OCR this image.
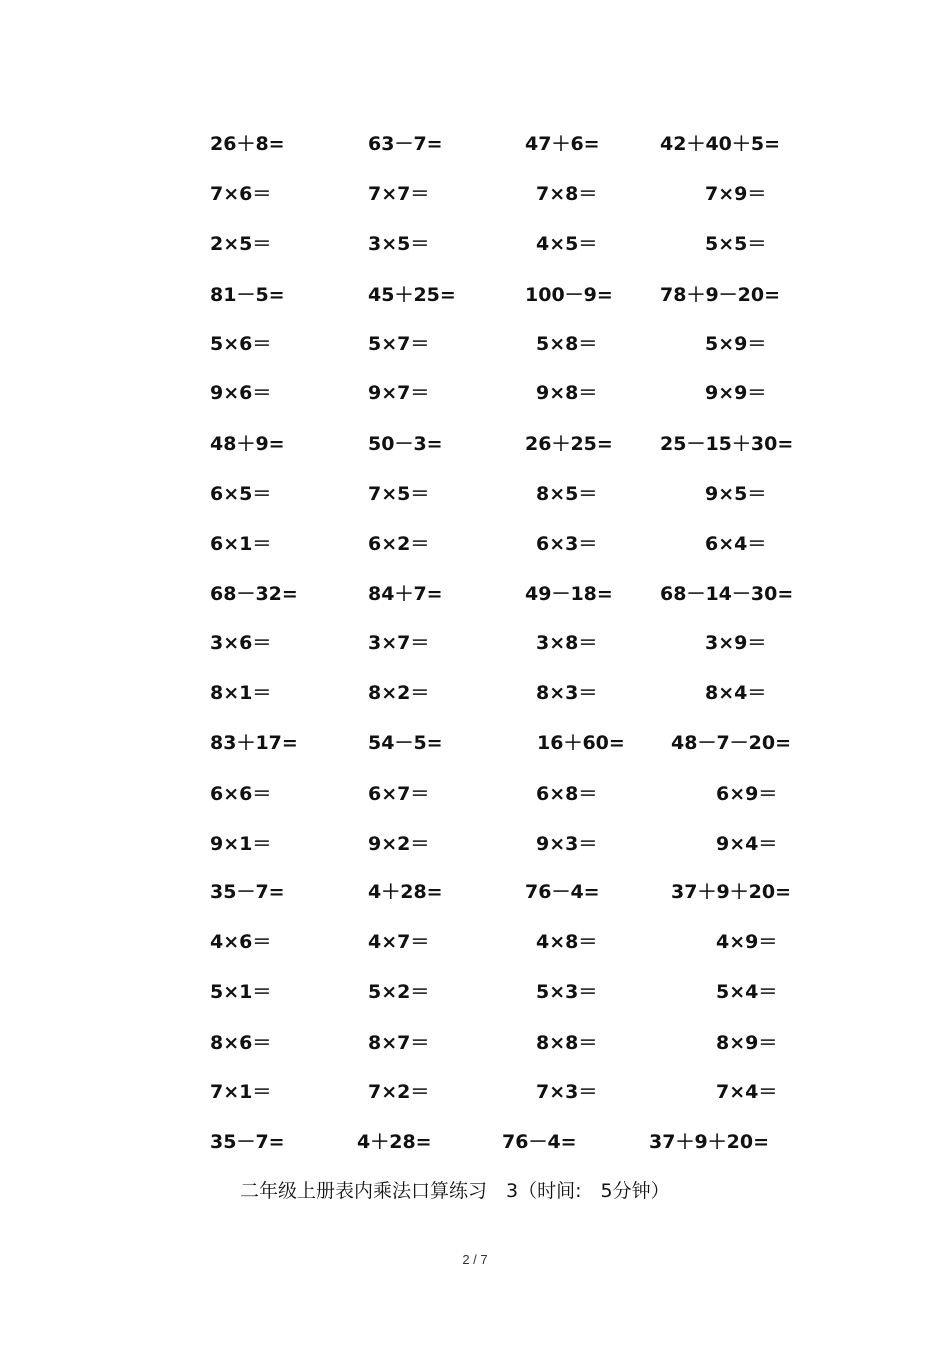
26＋8=	63－7=	47＋6=	42＋40＋5=
7×6＝	7×7＝	7×8＝	7×9＝
2×5＝	3×5＝	4×5＝	5×5＝
81－5=	45＋25=	100－9= 78＋9－20=
5×6＝	5×7＝	5×8＝	5×9＝
9×6＝	9×7＝	9×8＝	9×9＝
48＋9=	50－3=	26＋25= 25－15＋30=
6×5＝	7×5＝	8×5＝	9×5＝
6×1＝	6×2＝	6×3＝	6×4＝
68－32=	84＋7=	49－18= 68－14－30=
3×6＝	3×7＝	3×8＝	3×9＝
8×1＝	8×2＝	8×3＝	8×4＝
83＋17=	54－5=	16＋60= 48－7－20=
6×6＝	6×7＝	6×8＝	6×9＝
9×1＝	9×2＝	9×3＝	9×4＝
35－7=	4＋28=	76－4=	37＋9＋20=
4×6＝	4×7＝	4×8＝	4×9＝
5×1＝	5×2＝	5×3＝	5×4＝
8×6＝	8×7＝	8×8＝	8×9＝
7×1＝	7×2＝	7×3＝	7×4＝
35－7=	4＋28=	76－4=	37＋9＋20=
二年级上册表内乘法口算练习　3（时间:　5分钟）
2 / 7
